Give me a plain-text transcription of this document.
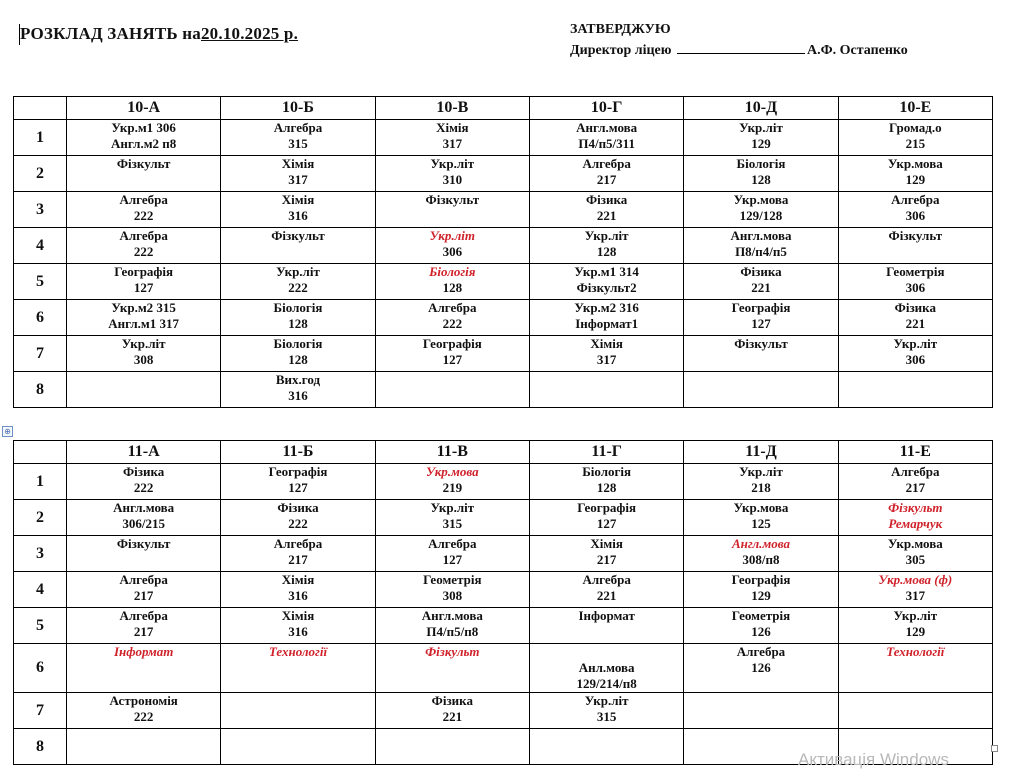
РОЗКЛАД ЗАНЯТЬ на20.10.2025 р.	ЗАТВЕРДЖУЮ
Директор ліцею	А.Ф. Остапенко
	10-А	10-Б	10-В	10-Г	10-Д	10-Е
1	Укр.м1 306
Англ.м2 п8	Алгебра
315	Хімія
317	Англ.мова
П4/п5/311	Укр.літ
129	Громад.о
215

2	Фізкульт	Хімія
317	Укр.літ
310	Алгебра
217	Біологія
128	Укр.мова
129

3	Алгебра
222	Хімія
316	Фізкульт	Фізика
221	Укр.мова
129/128	Алгебра
306

4	Алгебра
222	Фізкульт	Укр.літ
306	Укр.літ
128	Англ.мова
П8/п4/п5	Фізкульт

5	Географія
127	Укр.літ
222	Біологія
128	Укр.м1 314
Фізкульт2	Фізика
221	Геометрія
306

6	Укр.м2 315
Англ.м1 317	Біологія
128	Алгебра
222	Укр.м2 316
Інформат1	Географія
127	Фізика
221

7	Укр.літ
308	Біологія
128	Географія
127	Хімія
317	Фізкульт	Укр.літ
306

8		Вих.год
316				

⊕
	11-А	11-Б	11-В	11-Г	11-Д	11-Е
1	Фізика
222	Географія
127	Укр.мова
219	Біологія
128	Укр.літ
218	Алгебра
217

2	Англ.мова
306/215	Фізика
222	Укр.літ
315	Географія
127	Укр.мова
125	Фізкульт
Ремарчук

3	Фізкульт	Алгебра
217	Алгебра
127	Хімія
217	Англ.мова
308/п8	Укр.мова
305

4	Алгебра
217	Хімія
316	Геометрія
308	Алгебра
221	Географія
129	Укр.мова (ф)
317

5	Алгебра
217	Хімія
316	Англ.мова
П4/п5/п8	Інформат	Геометрія
126	Укр.літ
129

6	Інформат	Технології	Фізкульт	Анл.мова
129/214/п8	Алгебра
126	Технології

7	Астрономія
222		Фізика
221	Укр.літ
315		

8						
Активація Windows
